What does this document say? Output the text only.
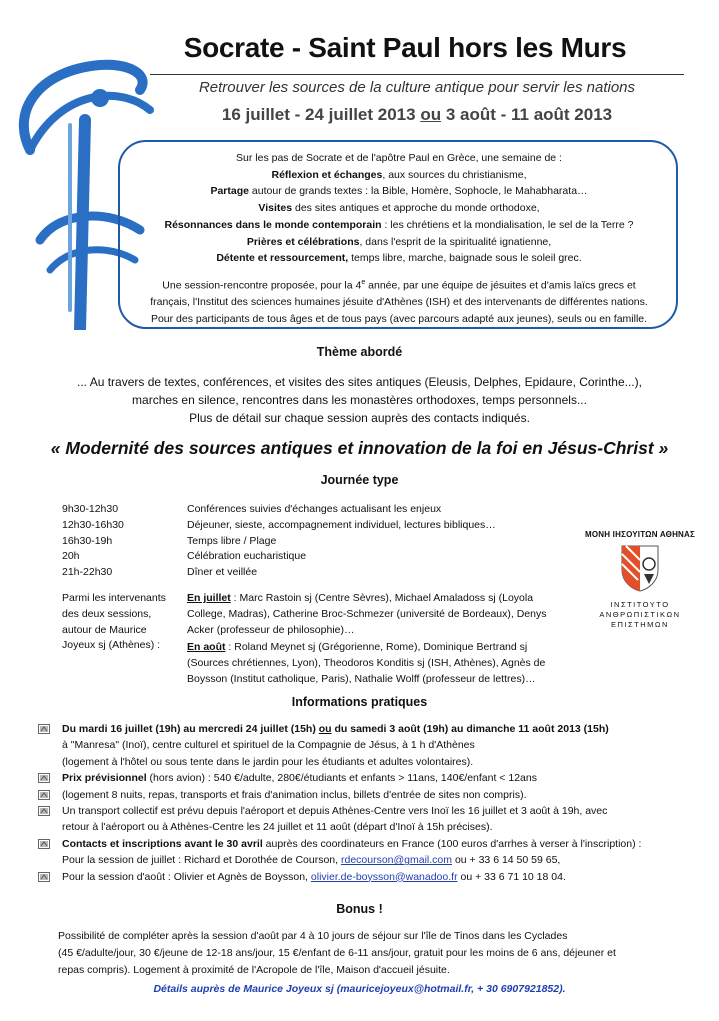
Socrate - Saint Paul hors les Murs
Retrouver les sources de la culture antique pour servir les nations
16 juillet - 24 juillet 2013 ou 3 août - 11 août 2013

Sur les pas de Socrate et de l'apôtre Paul en Grèce, une semaine de :

Réflexion et échanges, aux sources du christianisme,

Partage autour de grands textes : la Bible, Homère, Sophocle, le Mahabharata…

Visites des sites antiques et approche du monde orthodoxe,

Résonnances dans le monde contemporain : les chrétiens et la mondialisation, le sel de la Terre ?

Prières et célébrations, dans l'esprit de la spiritualité ignatienne,

Détente et ressourcement, temps libre, marche, baignade sous le soleil grec.

Une session-rencontre proposée, pour la 4e année, par une équipe de jésuites et d'amis laïcs grecs et

français, l'Institut des sciences humaines jésuite d'Athènes (ISH) et des intervenants de différentes nations.

Pour des participants de tous âges et de tous pays (avec parcours adapté aux jeunes), seuls ou en famille.

Thème abordé
... Au travers de textes, conférences, et visites des sites antiques (Eleusis, Delphes, Epidaure, Corinthe...),
marches en silence, rencontres dans les monastères orthodoxes, temps personnels...
Plus de détail sur chaque session auprès des contacts indiqués.
« Modernité des sources antiques et innovation de la foi en Jésus-Christ »
Journée type
9h30-12h30
12h30-16h30
16h30-19h
20h
21h-22h30
Conférences suivies d'échanges actualisant les enjeux
Déjeuner, sieste, accompagnement individuel, lectures bibliques…
Temps libre / Plage
Célébration eucharistique
Dîner et veillée
Parmi les intervenants des deux sessions, autour de Maurice Joyeux sj (Athènes) :

En juillet : Marc Rastoin sj (Centre Sèvres), Michael Amaladoss sj (Loyola College, Madras), Catherine Broc-Schmezer (université de Bordeaux), Denys Acker (professeur de philosophie)…

En août : Roland Meynet sj (Grégorienne, Rome), Dominique Bertrand sj (Sources chrétiennes, Lyon), Theodoros Konditis sj (ISH, Athènes), Agnès de Boysson (Institut catholique, Paris), Nathalie Wolff (professeur de lettres)…

ΜΟΝΗ ΙΗΣΟΥΙΤΩΝ ΑΘΗΝΑΣ
ΙΝΣΤΙΤΟΥΤΟ
ΑΝΘΡΩΠΙΣΤΙΚΩΝ
ΕΠΙΣΤΗΜΩΝ
Informations pratiques
Du mardi 16 juillet (19h) au mercredi 24 juillet (15h) ou du samedi 3 août (19h) au dimanche 11 août 2013 (15h)
à "Manresa" (Inoï), centre culturel et spirituel de la Compagnie de Jésus, à 1 h d'Athènes
(logement à l'hôtel ou sous tente dans le jardin pour les étudiants et adultes volontaires).
Prix prévisionnel (hors avion) : 540 €/adulte, 280€/étudiants et enfants > 11ans, 140€/enfant < 12ans
(logement 8 nuits, repas, transports et frais d'animation inclus, billets d'entrée de sites non compris).
Un transport collectif est prévu depuis l'aéroport et depuis Athènes-Centre vers Inoï les 16 juillet et 3 août à 19h, avec
retour à l'aéroport ou à Athènes-Centre les 24 juillet et 11 août (départ d'Inoï à 15h précises).
Contacts et inscriptions avant le 30 avril auprès des coordinateurs en France (100 euros d'arrhes à verser à l'inscription) :
Pour la session de juillet : Richard et Dorothée de Courson, rdecourson@gmail.com ou + 33 6 14 50 59 65,
Pour la session d'août : Olivier et Agnès de Boysson, olivier.de-boysson@wanadoo.fr ou + 33 6 71 10 18 04.
Bonus !
Possibilité de compléter après la session d'août par 4 à 10 jours de séjour sur l'île de Tinos dans les Cyclades
(45 €/adulte/jour, 30 €/jeune de 12-18 ans/jour, 15 €/enfant de 6-11 ans/jour, gratuit pour les moins de 6 ans, déjeuner et
repas compris). Logement à proximité de l'Acropole de l'île, Maison d'accueil jésuite.
Détails auprès de Maurice Joyeux sj (mauricejoyeux@hotmail.fr, + 30 6907921852).
